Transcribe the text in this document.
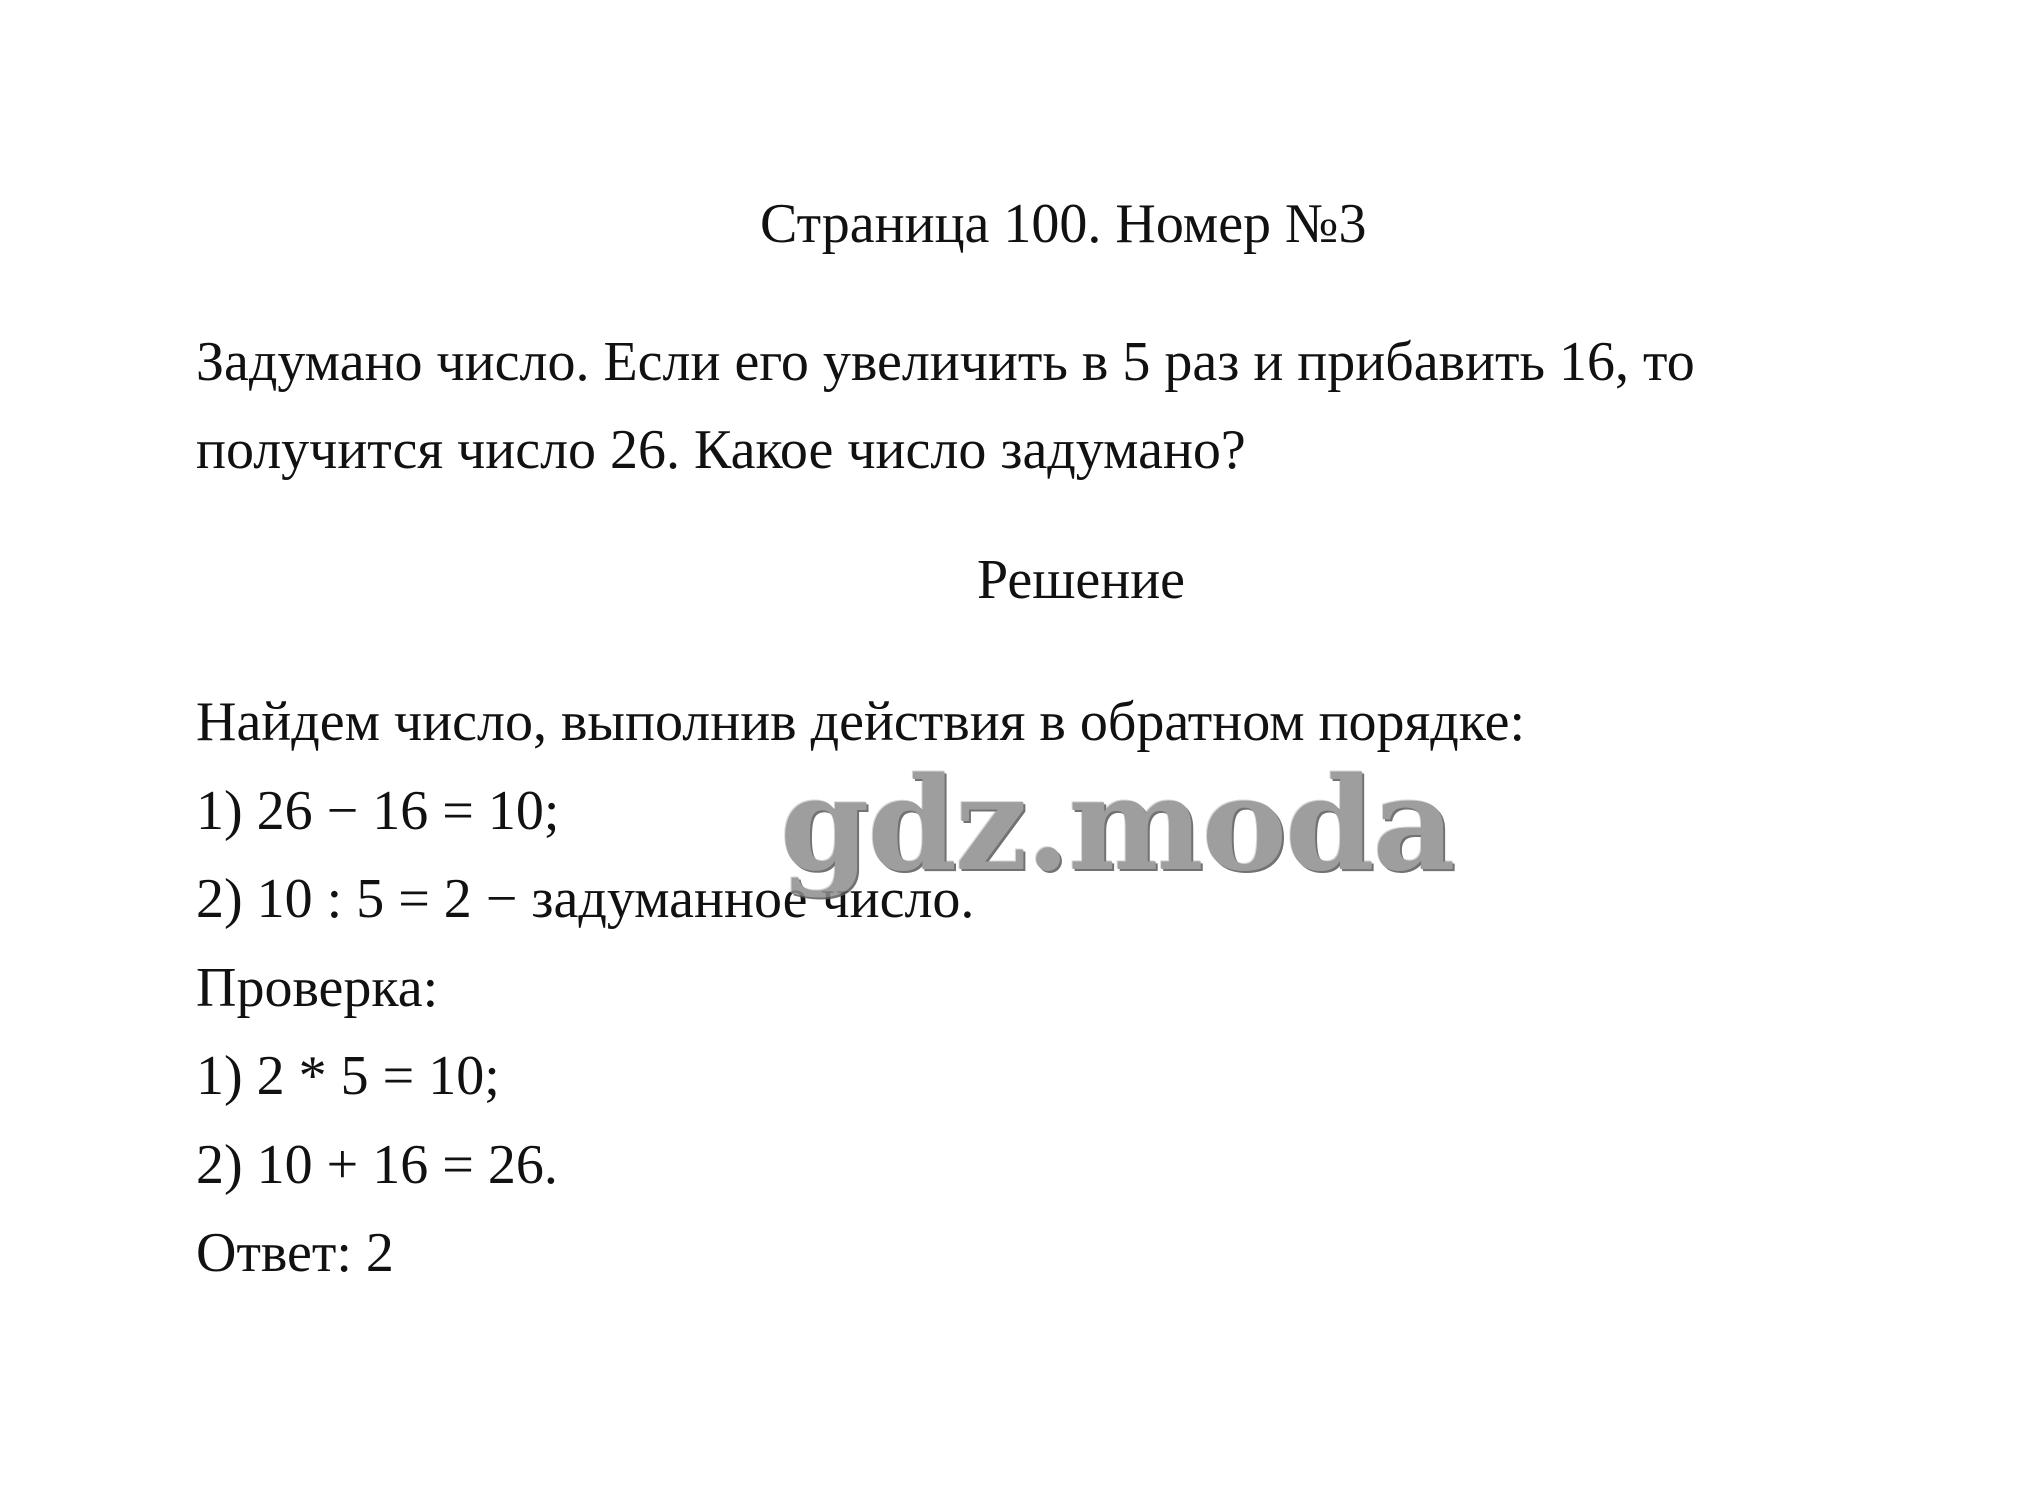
Страница 100. Номер №3
Задумано число. Если его увеличить в 5 раз и прибавить 16, то
получится число 26. Какое число задумано?
Решение
Найдем число, выполнив действия в обратном порядке:
1) 26 − 16 = 10;
2) 10 : 5 = 2 − задуманное число.
Проверка:
1) 2 * 5 = 10;
2) 10 + 16 = 26.
Ответ: 2
gdz.moda
